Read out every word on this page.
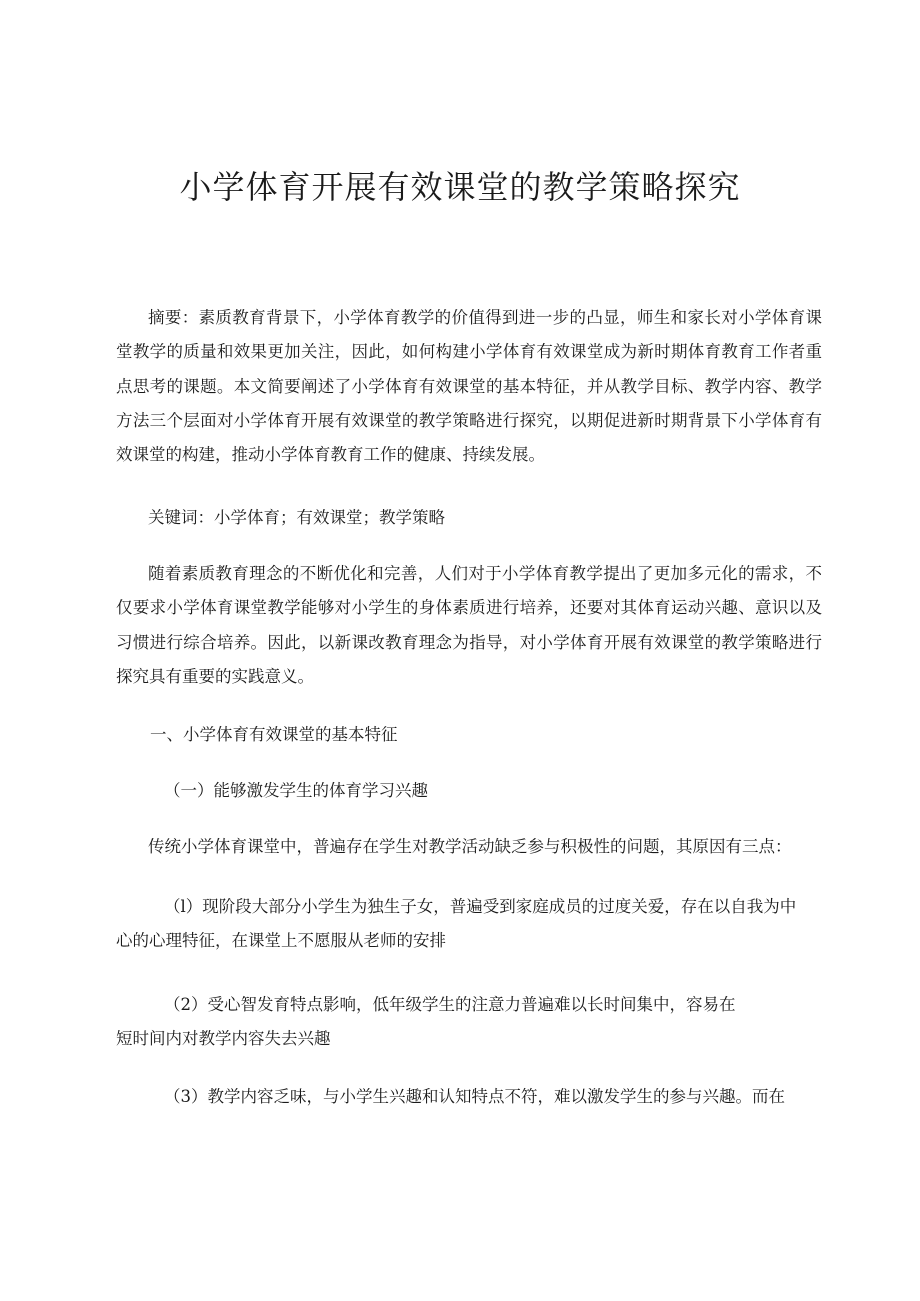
小学体育开展有效课堂的教学策略探究

摘要：素质教育背景下，小学体育教学的价值得到进一步的凸显，师生和家长对小学体育课堂教学的质量和效果更加关注，因此，如何构建小学体育有效课堂成为新时期体育教育工作者重点思考的课题。本文简要阐述了小学体育有效课堂的基本特征，并从教学目标、教学内容、教学方法三个层面对小学体育开展有效课堂的教学策略进行探究，以期促进新时期背景下小学体育有效课堂的构建，推动小学体育教育工作的健康、持续发展。

关键词：小学体育；有效课堂；教学策略

随着素质教育理念的不断优化和完善，人们对于小学体育教学提出了更加多元化的需求，不仅要求小学体育课堂教学能够对小学生的身体素质进行培养，还要对其体育运动兴趣、意识以及习惯进行综合培养。因此，以新课改教育理念为指导，对小学体育开展有效课堂的教学策略进行探究具有重要的实践意义。

一、小学体育有效课堂的基本特征

（一）能够激发学生的体育学习兴趣

传统小学体育课堂中，普遍存在学生对教学活动缺乏参与积极性的问题，其原因有三点：

（l）现阶段大部分小学生为独生子女，普遍受到家庭成员的过度关爱，存在以自我为中

心的心理特征，在课堂上不愿服从老师的安排

（2）受心智发育特点影响，低年级学生的注意力普遍难以长时间集中，容易在

短时间内对教学内容失去兴趣

（3）教学内容乏味，与小学生兴趣和认知特点不符，难以激发学生的参与兴趣。而在
